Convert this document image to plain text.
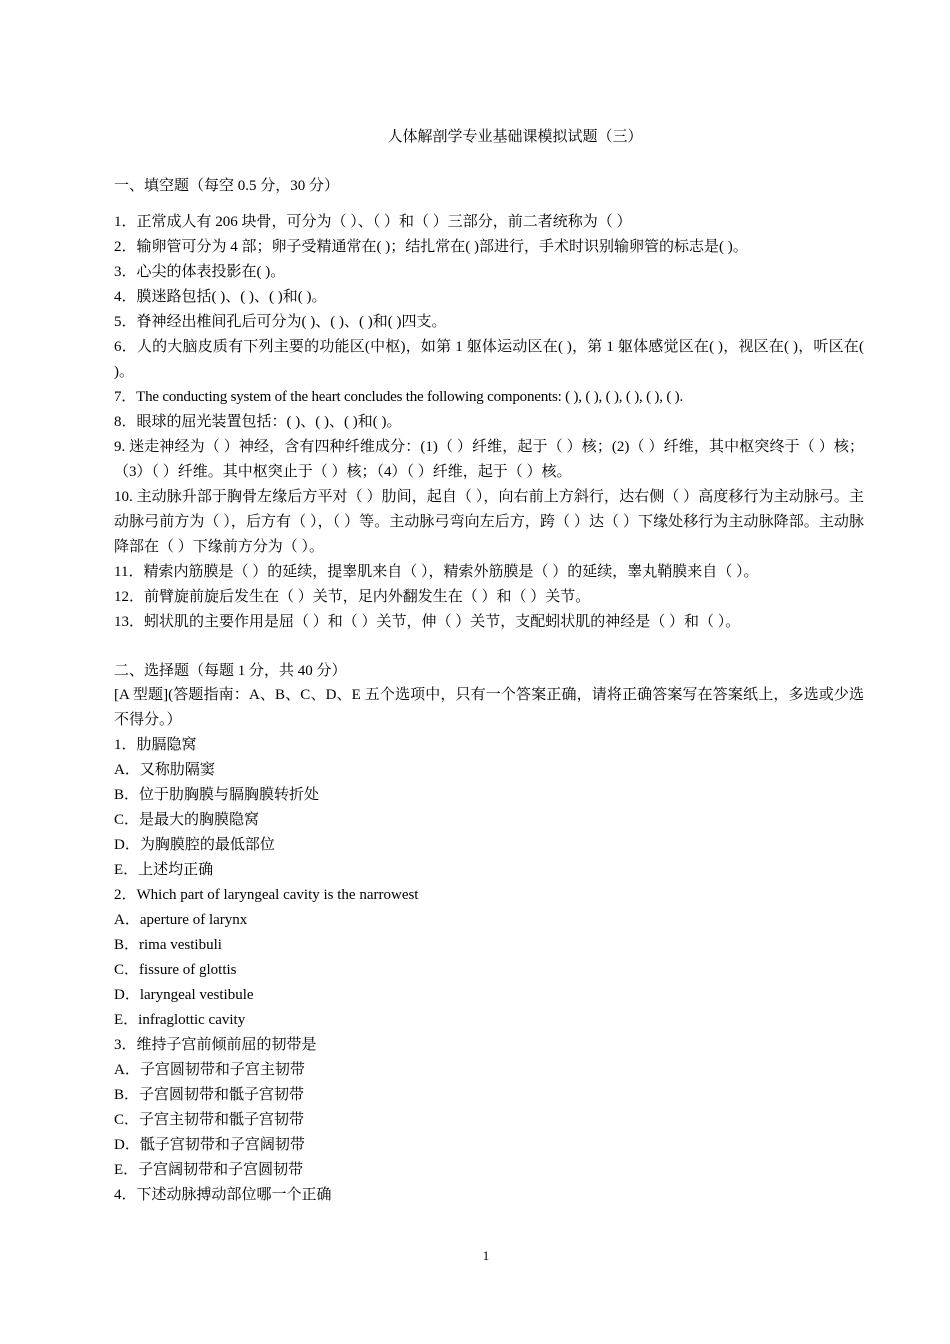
人体解剖学专业基础课模拟试题（三）
一、填空题（每空 0.5 分，30 分）
1．正常成人有 206 块骨，可分为（ ）、（ ）和（ ）三部分，前二者统称为（ ）
2．输卵管可分为 4 部；卵子受精通常在( )；结扎常在( )部进行，手术时识别输卵管的标志是( )。
3．心尖的体表投影在( )。
4．膜迷路包括( )、( )、( )和( )。
5．脊神经出椎间孔后可分为( )、( )、( )和( )四支。
6．人的大脑皮质有下列主要的功能区(中枢)，如第 1 躯体运动区在( )，第 1 躯体感觉区在( )，视区在( )，听区在( )。
7．The conducting system of the heart concludes the following components: ( ), ( ), ( ), ( ), ( ), ( ).
8．眼球的屈光装置包括：( )、( )、( )和( )。
9. 迷走神经为（ ）神经，含有四种纤维成分：(1)（ ）纤维，起于（ ）核；(2)（ ）纤维，其中枢突终于（ ）核；（3）（ ）纤维。其中枢突止于（ ）核；（4）（ ）纤维，起于（ ）核。
10. 主动脉升部于胸骨左缘后方平对（ ）肋间，起自（ ），向右前上方斜行，达右侧（ ）高度移行为主动脉弓。主动脉弓前方为（ ），后方有（ ），（ ）等。主动脉弓弯向左后方，跨（ ）达（ ）下缘处移行为主动脉降部。主动脉降部在（ ）下缘前方分为（ ）。
11．精索内筋膜是（ ）的延续，提睾肌来自（ ），精索外筋膜是（ ）的延续，睾丸鞘膜来自（ ）。
12．前臂旋前旋后发生在（ ）关节，足内外翻发生在（ ）和（ ）关节。
13．蚓状肌的主要作用是屈（ ）和（ ）关节，伸（ ）关节，支配蚓状肌的神经是（ ）和（ ）。
二、选择题（每题 1 分，共 40 分）
[A 型题](答题指南：A、B、C、D、E 五个选项中，只有一个答案正确，请将正确答案写在答案纸上，多选或少选不得分。）
1．肋膈隐窝
A．又称肋隔窦
B．位于肋胸膜与膈胸膜转折处
C．是最大的胸膜隐窝
D．为胸膜腔的最低部位
E．上述均正确
2．Which part of laryngeal cavity is the narrowest
A．aperture of larynx
B．rima vestibuli
C．fissure of glottis
D．laryngeal vestibule
E．infraglottic cavity
3．维持子宫前倾前屈的韧带是
A．子宫圆韧带和子宫主韧带
B．子宫圆韧带和骶子宫韧带
C．子宫主韧带和骶子宫韧带
D．骶子宫韧带和子宫阔韧带
E．子宫阔韧带和子宫圆韧带
4．下述动脉搏动部位哪一个正确
1
